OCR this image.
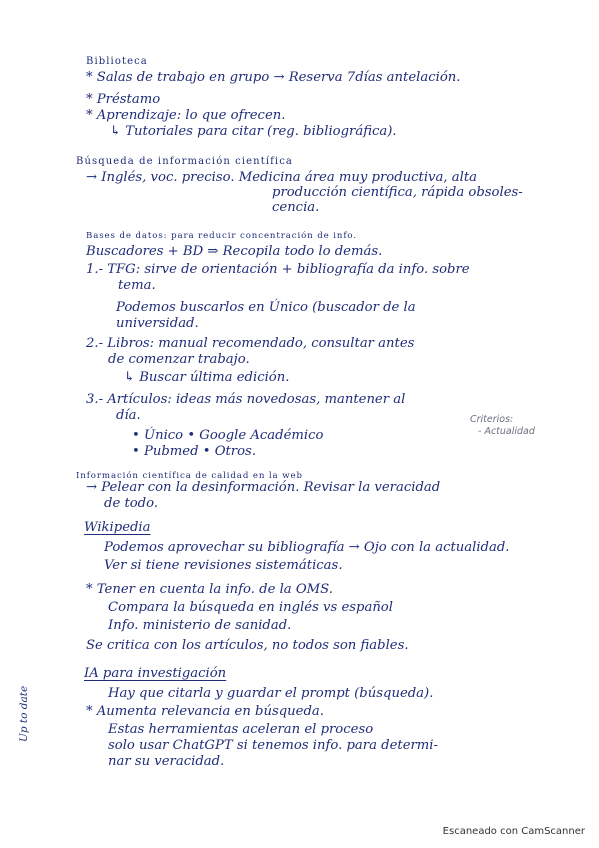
Biblioteca
* Salas de trabajo en grupo → Reserva 7días antelación.
* Préstamo
* Aprendizaje: lo que ofrecen.
↳ Tutoriales para citar (reg. bibliográfica).
Búsqueda de información científica
→ Inglés, voc. preciso. Medicina área muy productiva, alta
producción científica, rápida obsoles-
cencia.
Bases de datos: para reducir concentración de info.
Buscadores + BD ⇒ Recopila todo lo demás.
1.- TFG: sirve de orientación + bibliografía da info. sobre
tema.
Podemos buscarlos en Único (buscador de la
universidad.
2.- Libros: manual recomendado, consultar antes
de comenzar trabajo.
↳ Buscar última edición.
3.- Artículos: ideas más novedosas, mantener al
día.
• Único • Google Académico
• Pubmed • Otros.
Criterios:
- Actualidad
Información científica de calidad en la web
→ Pelear con la desinformación. Revisar la veracidad
de todo.
Wikipedia
Podemos aprovechar su bibliografía → Ojo con la actualidad.
Ver si tiene revisiones sistemáticas.
* Tener en cuenta la info. de la OMS.
Compara la búsqueda en inglés vs español
Info. ministerio de sanidad.
Se critica con los artículos, no todos son fiables.
IA para investigación
Hay que citarla y guardar el prompt (búsqueda).
* Aumenta relevancia en búsqueda.
Estas herramientas aceleran el proceso
solo usar ChatGPT si tenemos info. para determi-
nar su veracidad.
Up to date
Escaneado con CamScanner
